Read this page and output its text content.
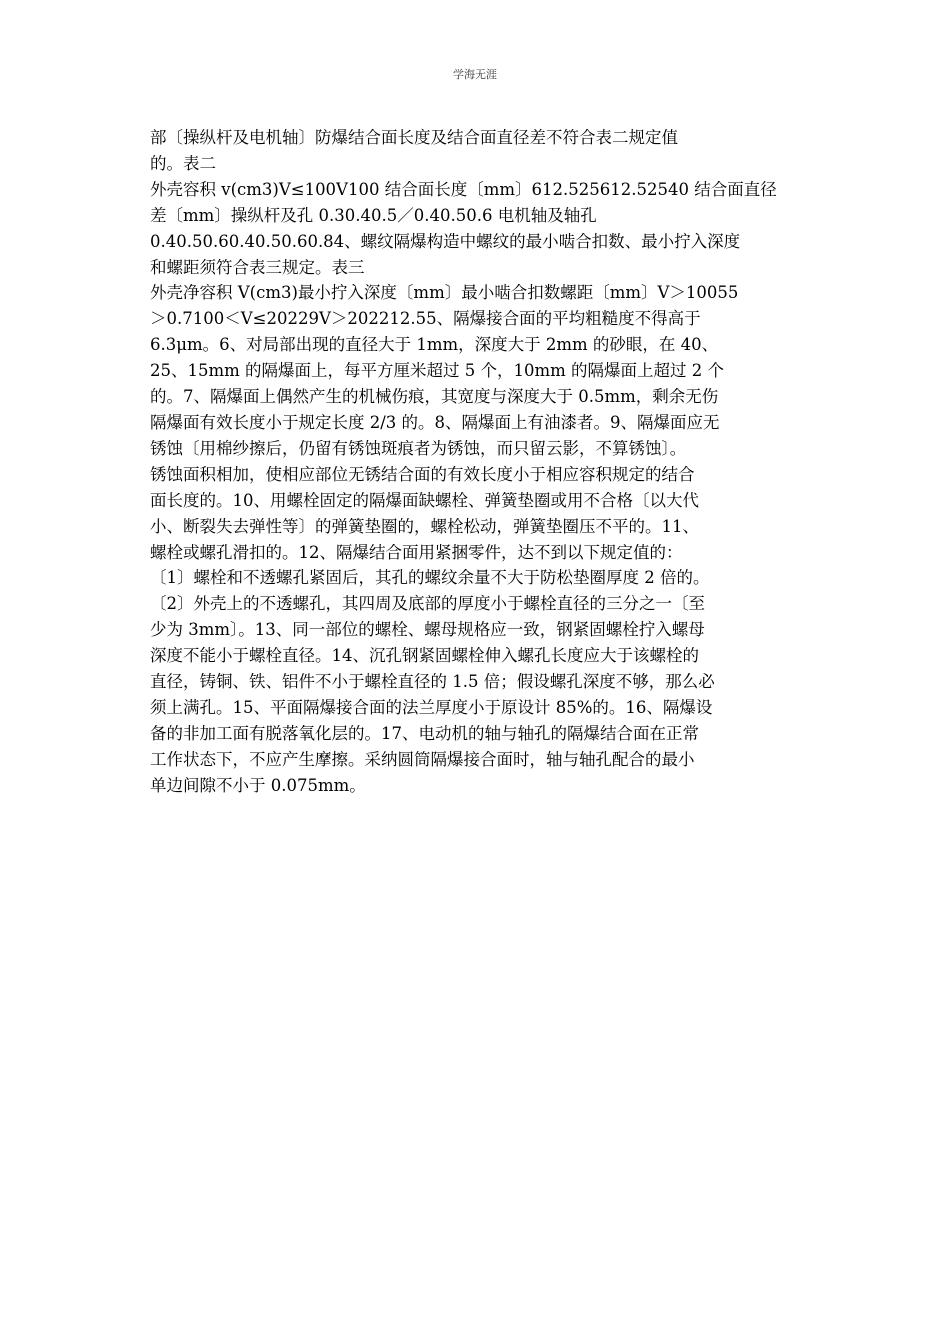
学海无涯
部〔操纵杆及电机轴〕防爆结合面长度及结合面直径差不符合表二规定值
的。表二
外壳容积 v(cm3)V≤100V100 结合面长度〔mm〕612.525612.52540 结合面直径
差〔mm〕操纵杆及孔 0.30.40.5／0.40.50.6 电机轴及轴孔
0.40.50.60.40.50.60.84、螺纹隔爆构造中螺纹的最小啮合扣数、最小拧入深度
和螺距须符合表三规定。表三
外壳净容积 V(cm3)最小拧入深度〔mm〕最小啮合扣数螺距〔mm〕V＞10055
＞0.7100＜V≤20229V＞202212.55、隔爆接合面的平均粗糙度不得高于
6.3μm。6、对局部出现的直径大于 1mm，深度大于 2mm 的砂眼，在 40、
25、15mm 的隔爆面上，每平方厘米超过 5 个，10mm 的隔爆面上超过 2 个
的。7、隔爆面上偶然产生的机械伤痕，其宽度与深度大于 0.5mm，剩余无伤
隔爆面有效长度小于规定长度 2/3 的。8、隔爆面上有油漆者。9、隔爆面应无
锈蚀〔用棉纱擦后，仍留有锈蚀斑痕者为锈蚀，而只留云影，不算锈蚀〕。
锈蚀面积相加，使相应部位无锈结合面的有效长度小于相应容积规定的结合
面长度的。10、用螺栓固定的隔爆面缺螺栓、弹簧垫圈或用不合格〔以大代
小、断裂失去弹性等〕的弹簧垫圈的，螺栓松动，弹簧垫圈压不平的。11、
螺栓或螺孔滑扣的。12、隔爆结合面用紧捆零件，达不到以下规定值的：
〔1〕螺栓和不透螺孔紧固后，其孔的螺纹余量不大于防松垫圈厚度 2 倍的。
〔2〕外壳上的不透螺孔，其四周及底部的厚度小于螺栓直径的三分之一〔至
少为 3mm〕。13、同一部位的螺栓、螺母规格应一致，钢紧固螺栓拧入螺母
深度不能小于螺栓直径。14、沉孔钢紧固螺栓伸入螺孔长度应大于该螺栓的
直径，铸铜、铁、铝件不小于螺栓直径的 1.5 倍；假设螺孔深度不够，那么必
须上满孔。15、平面隔爆接合面的法兰厚度小于原设计 85%的。16、隔爆设
备的非加工面有脱落氧化层的。17、电动机的轴与轴孔的隔爆结合面在正常
工作状态下，不应产生摩擦。采纳圆筒隔爆接合面时，轴与轴孔配合的最小
单边间隙不小于 0.075mm。
